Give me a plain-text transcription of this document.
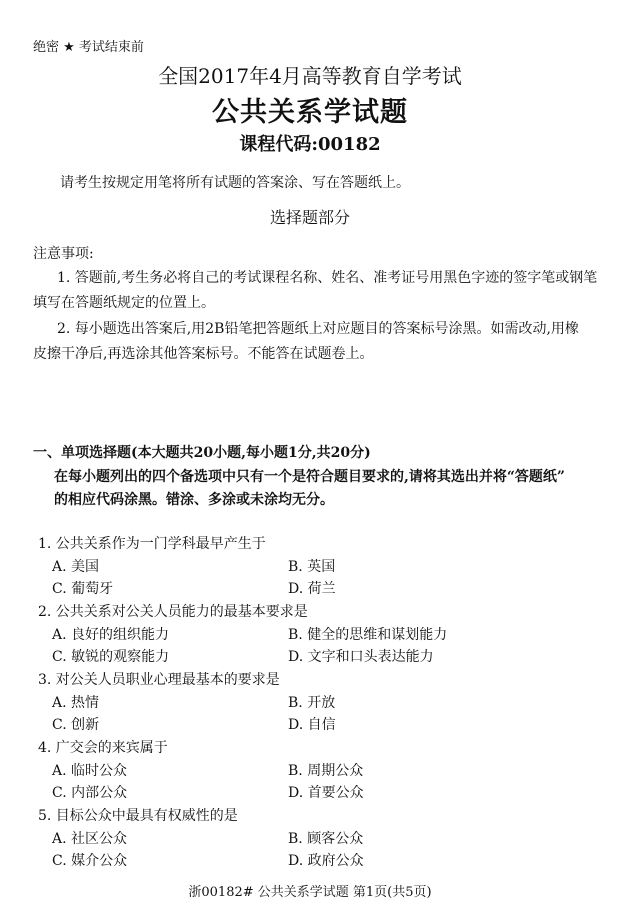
绝密 ★ 考试结束前
全国2017年4月高等教育自学考试
公共关系学试题
课程代码:00182
请考生按规定用笔将所有试题的答案涂、写在答题纸上。
选择题部分
注意事项:
1. 答题前,考生务必将自己的考试课程名称、姓名、准考证号用黑色字迹的签字笔或钢笔
填写在答题纸规定的位置上。
2. 每小题选出答案后,用2B铅笔把答题纸上对应题目的答案标号涂黑。如需改动,用橡
皮擦干净后,再选涂其他答案标号。不能答在试题卷上。
一、单项选择题(本大题共20小题,每小题1分,共20分)
在每小题列出的四个备选项中只有一个是符合题目要求的,请将其选出并将“答题纸”
的相应代码涂黑。错涂、多涂或未涂均无分。
1. 公共关系作为一门学科最早产生于
A. 美国	B. 英国
C. 葡萄牙	D. 荷兰
2. 公共关系对公关人员能力的最基本要求是
A. 良好的组织能力	B. 健全的思维和谋划能力
C. 敏锐的观察能力	D. 文字和口头表达能力
3. 对公关人员职业心理最基本的要求是
A. 热情	B. 开放
C. 创新	D. 自信
4. 广交会的来宾属于
A. 临时公众	B. 周期公众
C. 内部公众	D. 首要公众
5. 目标公众中最具有权威性的是
A. 社区公众	B. 顾客公众
C. 媒介公众	D. 政府公众
浙00182# 公共关系学试题 第1页(共5页)
